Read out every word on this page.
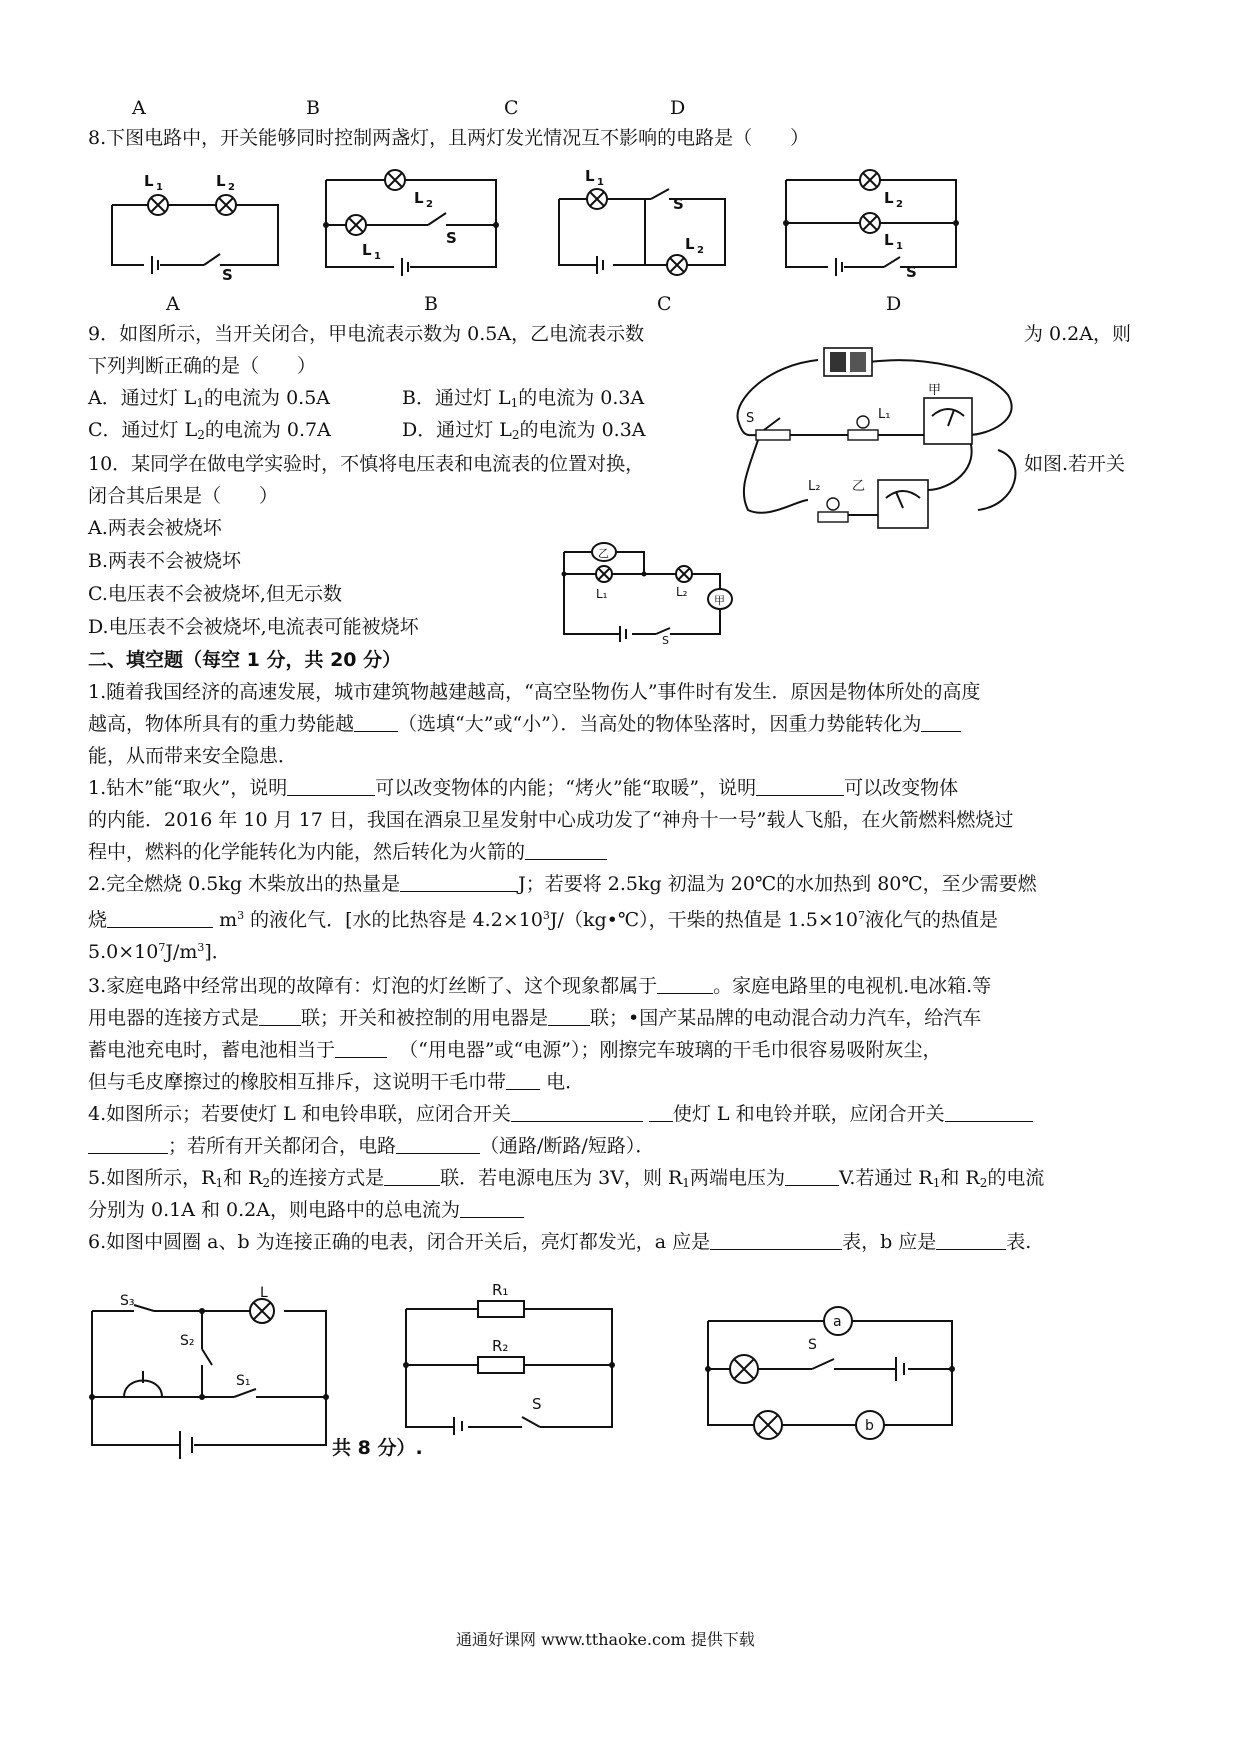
A	B	C	D
8.下图电路中，开关能够同时控制两盏灯，且两灯发光情况互不影响的电路是（　　）
L 1	L 2
S
A
L 2
L 1
S
B
L 1
S
L 2
C
L 2
L 1
S
D
9．如图所示，当开关闭合，甲电流表示数为 0.5A，乙电流表示数	为 0.2A，则
下列判断正确的是（　　）
A．通过灯 $L_1$的电流为 0.5A	B．通过灯 $L_1$的电流为 0.3A
C．通过灯 $L_2$的电流为 0.7A	D．通过灯 $L_2$的电流为 0.3A
S	L₁
甲
L₂ 乙
10．某同学在做电学实验时，不慎将电压表和电流表的位置对换，	如图.若开关
闭合其后果是（　　）
A.两表会被烧坏
B.两表不会被烧坏
C.电压表不会被烧坏,但无示数
D.电压表不会被烧坏,电流表可能被烧坏
乙
甲
L₁	L₂
S
二、填空题（每空 1 分，共 20 分）
1.随着我国经济的高速发展，城市建筑物越建越高，“高空坠物伤人”事件时有发生．原因是物体所处的高度
越高，物体所具有的重力势能越 （选填“大”或“小”）．当高处的物体坠落时，因重力势能转化为
能，从而带来安全隐患．
1.钻木”能“取火”，说明	可以改变物体的内能；“烤火”能“取暖”，说明	可以改变物体
的内能．2016 年 10 月 17 日，我国在酒泉卫星发射中心成功发了“神舟十一号”载人飞船，在火箭燃料燃烧过
程中，燃料的化学能转化为内能，然后转化为火箭的
2.完全燃烧 0.5kg 木柴放出的热量是	J；若要将 2.5kg 初温为 20℃的水加热到 80℃，至少需要燃
烧	$m^3$ 的液化气．[水的比热容是 $4.2\times 10^3J/(kg•℃)$，干柴的热值是 $1.5\times 10^7$液化气的热值是
$5.0\times 10^7J/m^3$]．
3.家庭电路中经常出现的故障有：灯泡的灯丝断了、这个现象都属于	。家庭电路里的电视机.电冰箱.等
用电器的连接方式是 联；开关和被控制的用电器是 联；•国产某品牌的电动混合动力汽车，给汽车
蓄电池充电时，蓄电池相当于	（“用电器”或“电源”）；刚擦完车玻璃的干毛巾很容易吸附灰尘，
但与毛皮摩擦过的橡胶相互排斥，这说明干毛巾带 电．
4.如图所示；若要使灯 L 和电铃串联，应闭合开关	使灯 L 和电铃并联，应闭合开关
；若所有开关都闭合，电路	（通路/断路/短路）．
5.如图所示，$R_1$和 $R_2$的连接方式是	联．若电源电压为 3V，则 $R_1$两端电压为	V.若通过 $R_1$和 $R_2$的电流
分别为 0.1A 和 0.2A，则电路中的总电流为
6.如图中圆圈 a、b 为连接正确的电表，闭合开关后，亮灯都发光，a 应是	表，b 应是	表.
S₃
S₂
S₁
L
共 8 分）.
R₁
R₂
S
a
b
S
通通好课网 www.tthaoke.com 提供下载
